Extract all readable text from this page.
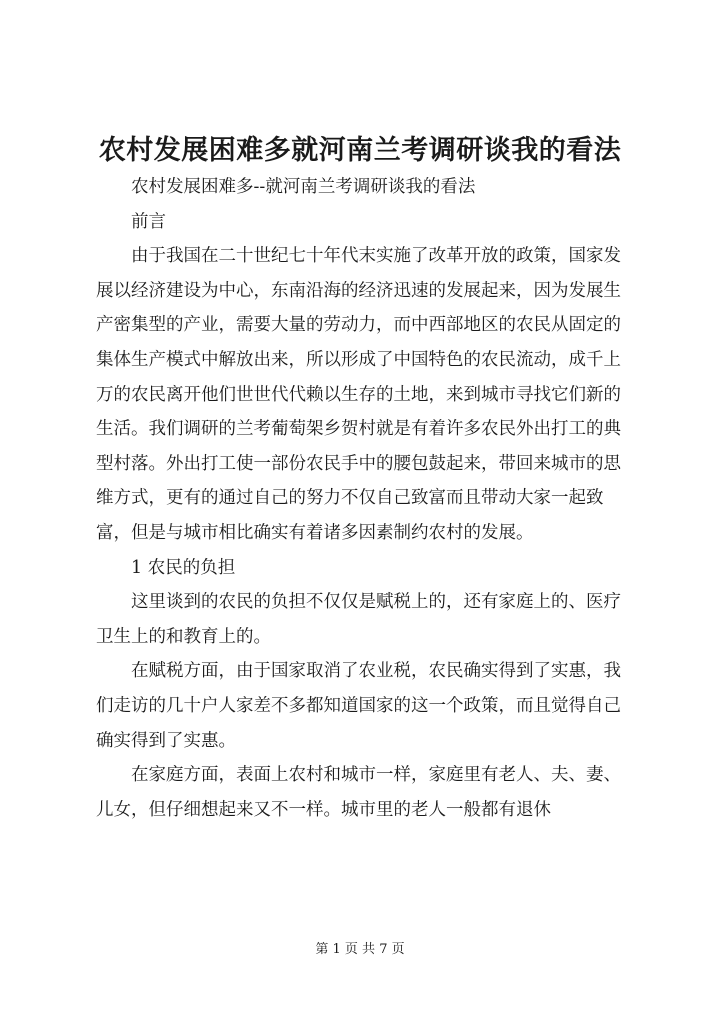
农村发展困难多就河南兰考调研谈我的看法

农村发展困难多--就河南兰考调研谈我的看法

前言

由于我国在二十世纪七十年代末实施了改革开放的政策，国家发展以经济建设为中心，东南沿海的经济迅速的发展起来，因为发展生产密集型的产业，需要大量的劳动力，而中西部地区的农民从固定的集体生产模式中解放出来，所以形成了中国特色的农民流动，成千上万的农民离开他们世世代代赖以生存的土地，来到城市寻找它们新的生活。我们调研的兰考葡萄架乡贺村就是有着许多农民外出打工的典型村落。外出打工使一部份农民手中的腰包鼓起来，带回来城市的思维方式，更有的通过自己的努力不仅自己致富而且带动大家一起致富，但是与城市相比确实有着诸多因素制约农村的发展。

1 农民的负担

这里谈到的农民的负担不仅仅是赋税上的，还有家庭上的、医疗卫生上的和教育上的。

在赋税方面，由于国家取消了农业税，农民确实得到了实惠，我们走访的几十户人家差不多都知道国家的这一个政策，而且觉得自己确实得到了实惠。

在家庭方面，表面上农村和城市一样，家庭里有老人、夫、妻、儿女，但仔细想起来又不一样。城市里的老人一般都有退休

第 1 页 共 7 页
